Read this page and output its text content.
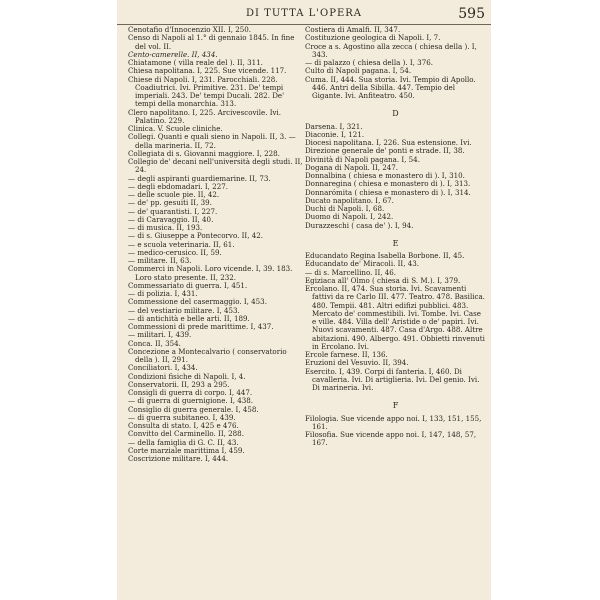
DI TUTTA L'OPERA	595
Cenotafio d'Innocenzio XII. I, 250.
Censo di Napoli al 1.° di gennaio 1845. In fine del vol. II.
Cento-camerelle. II, 434.
Chiatamone ( villa reale del ). II, 311.
Chiesa napolitana. I, 225. Sue vicende. 117.
Chiese di Napoli. I, 231. Parocchiali. 228. Coadiutrici. Ivi. Primitive. 231. De' tempi imperiali. 243. De' tempi Ducali. 282. De' tempi della monarchia. 313.
Clero napolitano. I, 225. Arcivescovile. Ivi. Palatino. 229.
Clinica. V. Scuole cliniche.
Collegi. Quanti e quali sieno in Napoli. II, 3. — della marineria. II, 72.
Collegiata di s. Giovanni maggiore. I, 228.
Collegio de' decani nell'università degli studi. II, 24.
— degli aspiranti guardiemarine. II, 73.
— degli ebdomadari. I, 227.
— delle scuole pie. II, 42.
— de' pp. gesuiti II, 39.
— de' quarantisti. I, 227.
— di Caravaggio. II, 40.
— di musica. II, 193.
— di s. Giuseppe a Pontecorvo. II, 42.
— e scuola veterinaria. II, 61.
— medico-cerusico. II, 59.
— militare. II, 63.
Commerci in Napoli. Loro vicende. I, 39. 183. Loro stato presente. II, 232.
Commessariato di guerra. I, 451.
— di polizia. I, 431.
Commessione del casermaggio. I, 453.
— del vestiario militare. I, 453.
— di antichità e belle arti. II, 189.
Commessioni di prede marittime. I, 437.
— militari. I, 439.
Conca. II, 354.
Concezione a Montecalvario ( conservatorio della ). II, 291.
Conciliatori. I, 434.
Condizioni fisiche di Napoli. I, 4.
Conservatorii. II, 293 a 295.
Consigli di guerra di corpo. I, 447.
— di guerra di guernigione. I, 438.
Consiglio di guerra generale. I, 458.
— di guerra subitaneo. I, 439.
Consulta di stato. I, 425 e 476.
Convitto del Carminello. II, 288.
— della famiglia di G. C. II, 43.
Corte marziale marittima I, 459.
Coscrizione militare. I, 444.
Costiera di Amalfi. II, 347.
Costituzione geologica di Napoli. I, 7.
Croce a s. Agostino alla zecca ( chiesa della ). I, 343.
— di palazzo ( chiesa della ). I, 376.
Culto di Napoli pagana. I, 54.
Cuma. II, 444. Sua storia. Ivi. Tempio di Apollo. 446. Antri della Sibilla. 447. Tempio del Gigante. Ivi. Anfiteatro. 450.
D
Darsena. I, 321.
Diaconie. I, 121.
Diocesi napolitana. I, 226. Sua estensione. Ivi.
Direzione generale de' ponti e strade. II, 38.
Divinità di Napoli pagana. I, 54.
Dogana di Napoli. II, 247.
Donnalbina ( chiesa e monastero di ). I, 310.
Donnaregina ( chiesa e monastero di ). I, 313.
Donnarómita ( chiesa e monastero di ). I, 314.
Ducato napolitano. I, 67.
Duchi di Napoli. I, 68.
Duomo di Napoli. I, 242.
Durazzeschi ( casa de' ). I, 94.
E
Educandato Regina Isabella Borbone. II, 45.
Educandato de' Miracoli. II, 43.
— di s. Marcellino. II, 46.
Egiziaca all' Olmo ( chiesa di S. M.). I, 379.
Ercolano. II, 474. Sua storia. Ivi. Scavamenti fattivi da re Carlo III. 477. Teatro. 478. Basilica. 480. Tempii. 481. Altri edifizi pubblici. 483. Mercato de' commestibili. Ivi. Tombe. Ivi. Case e ville. 484. Villa dell' Aristide o de' papiri. Ivi. Nuovi scavamenti. 487. Casa d'Argo. 488. Altre abitazioni. 490. Albergo. 491. Obbietti rinvenuti in Ercolano. Ivi.
Ercole farnese. II, 136.
Eruzioni del Vesuvio. II, 394.
Esercito. I, 439. Corpi di fanteria. I, 460. Di cavalleria. Ivi. Di artiglieria. Ivi. Del genio. Ivi. Di marineria. Ivi.
F
Filologia. Sue vicende appo noi. I, 133, 151, 155, 161.
Filosofia. Sue vicende appo noi. I, 147, 148, 57, 167.
